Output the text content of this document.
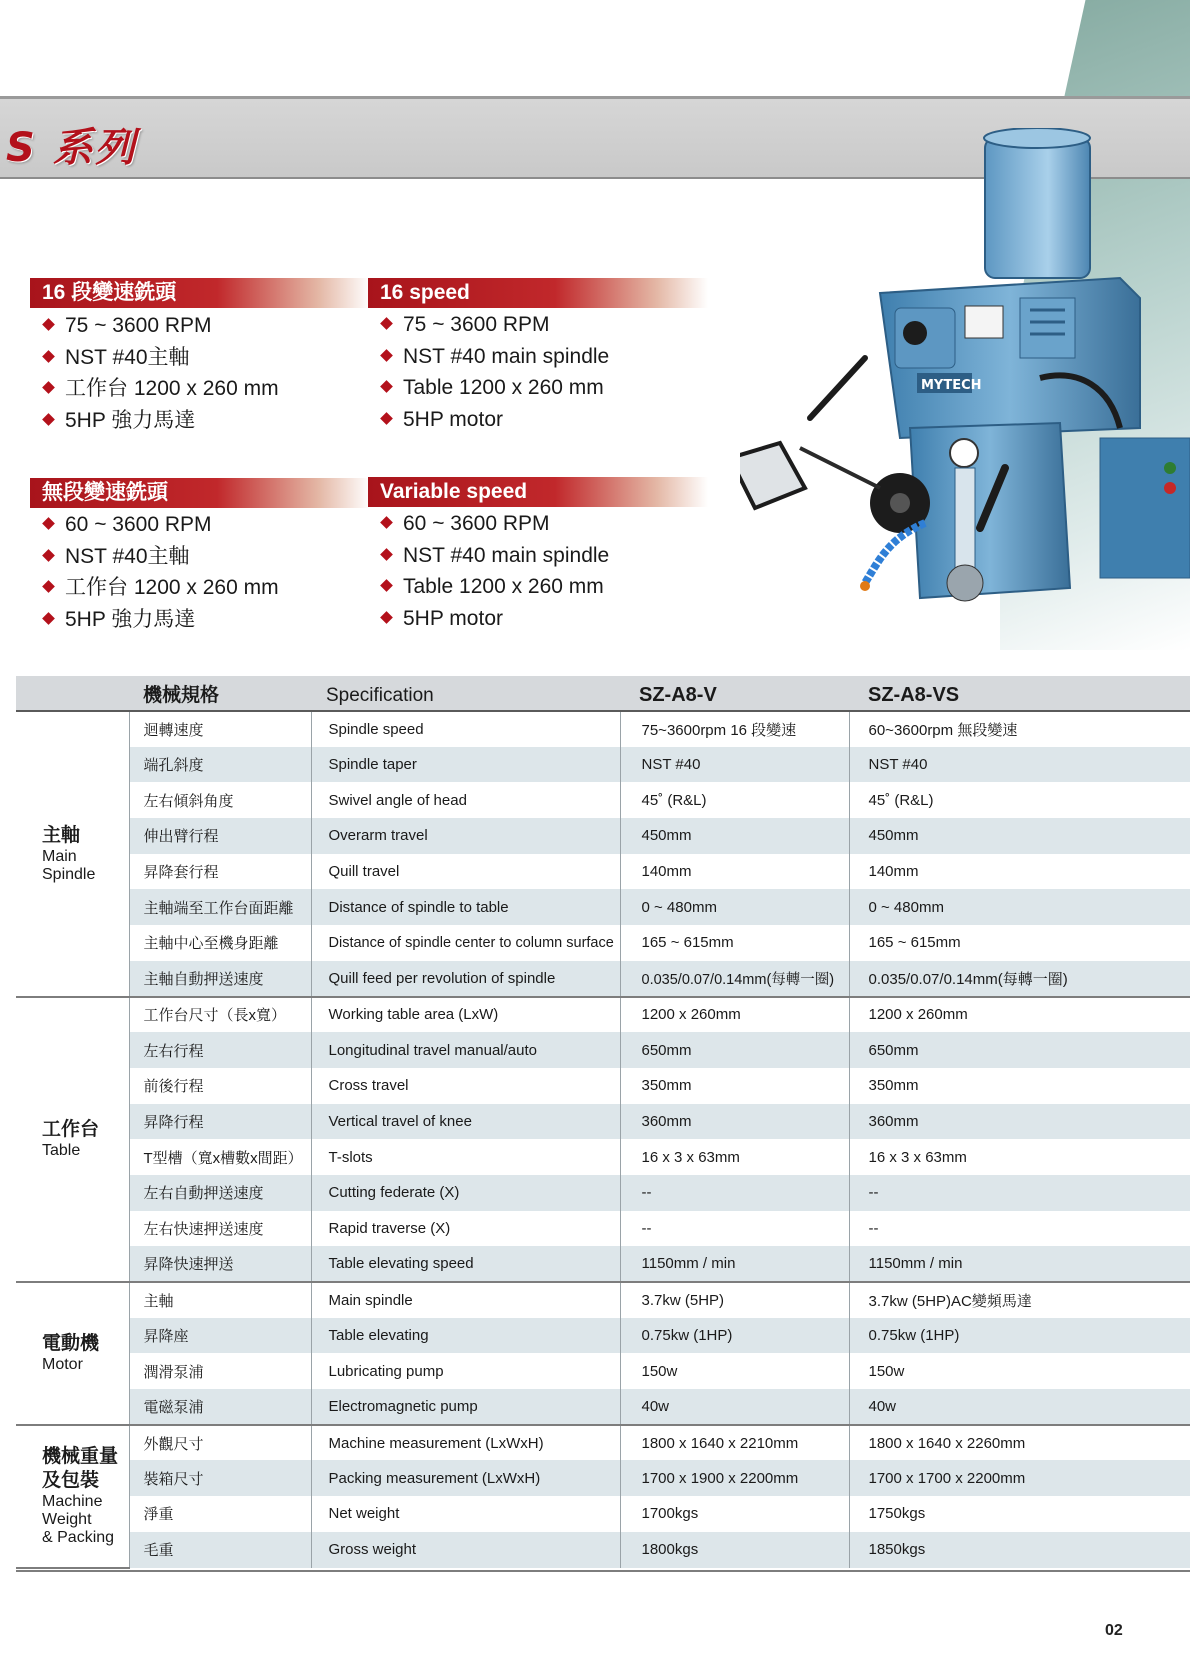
S 系列
16 段變速銑頭
75 ~ 3600 RPM
NST #40主軸
工作台 1200 x 260 mm
5HP 強力馬達
16 speed
75 ~ 3600 RPM
NST #40 main spindle
Table 1200 x 260 mm
5HP motor
無段變速銑頭
60 ~ 3600 RPM
NST #40主軸
工作台 1200 x 260 mm
5HP 強力馬達
Variable speed
60 ~ 3600 RPM
NST #40 main spindle
Table 1200 x 260 mm
5HP motor
MYTECH
	機械規格	Specification	SZ-A8-V	SZ-A8-VS

主軸
Main
Spindle	迴轉速度	Spindle speed	75~3600rpm 16 段變速	60~3600rpm 無段變速
	端孔斜度	Spindle taper	NST #40	NST #40
	左右傾斜角度	Swivel angle of head	45˚ (R&L)	45˚ (R&L)
	伸出臂行程	Overarm travel	450mm	450mm
	昇降套行程	Quill travel	140mm	140mm
	主軸端至工作台面距離	Distance of spindle to table	0 ~ 480mm	0 ~ 480mm
	主軸中心至機身距離	Distance of spindle center to column surface	165 ~ 615mm	165 ~ 615mm
	主軸自動押送速度	Quill feed per revolution of spindle	0.035/0.07/0.14mm(每轉一圈)	0.035/0.07/0.14mm(每轉一圈)

工作台
Table	工作台尺寸（長x寬）	Working table area (LxW)	1200 x 260mm	1200 x 260mm
	左右行程	Longitudinal travel manual/auto	650mm	650mm
	前後行程	Cross travel	350mm	350mm
	昇降行程	Vertical travel of knee	360mm	360mm
	T型槽（寬x槽數x間距）	T-slots	16 x 3 x 63mm	16 x 3 x 63mm
	左右自動押送速度	Cutting federate (X)	--	--
	左右快速押送速度	Rapid traverse (X)	--	--
	昇降快速押送	Table elevating speed	1150mm / min	1150mm / min

電動機
Motor	主軸	Main spindle	3.7kw (5HP)	3.7kw (5HP)AC變頻馬達
	昇降座	Table elevating	0.75kw (1HP)	0.75kw (1HP)
	潤滑泵浦	Lubricating pump	150w	150w
	電磁泵浦	Electromagnetic pump	40w	40w

機械重量
及包裝
Machine
Weight
& Packing	外觀尺寸	Machine measurement (LxWxH)	1800 x 1640 x 2210mm	1800 x 1640 x 2260mm
	裝箱尺寸	Packing measurement (LxWxH)	1700 x 1900 x 2200mm	1700 x 1700 x 2200mm
	淨重	Net weight	1700kgs	1750kgs
	毛重	Gross weight	1800kgs	1850kgs
02
